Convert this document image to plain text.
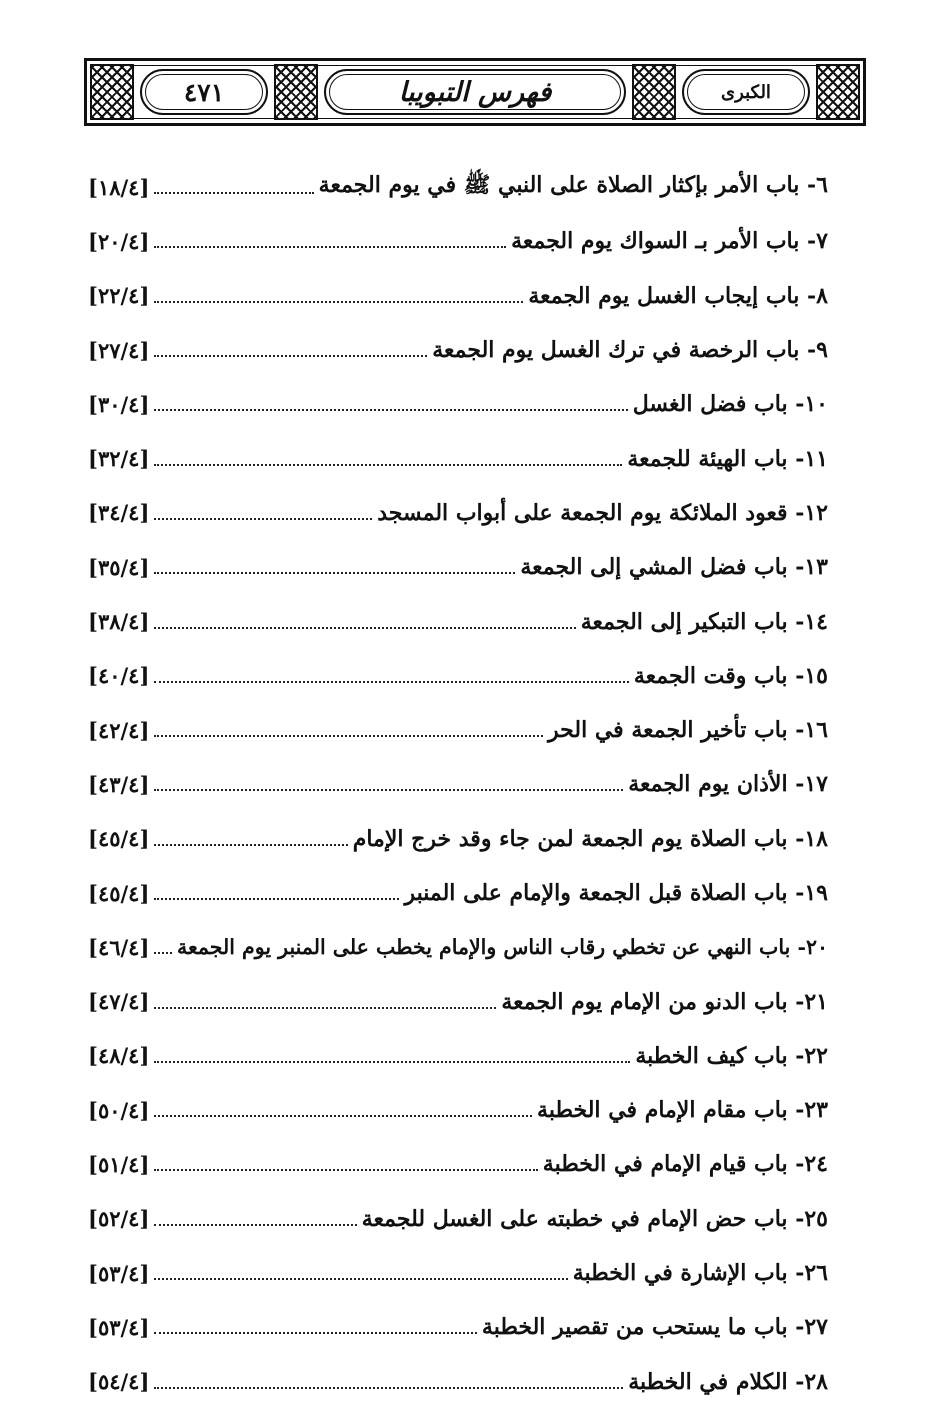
٤٧١	فهرس التبويبا	الكبرى
٦- باب الأمر بإكثار الصلاة على النبي ﷺ في يوم الجمعة
[١٨/٤]
٧- باب الأمر بـ السواك يوم الجمعة
[٢٠/٤]
٨- باب إيجاب الغسل يوم الجمعة
[٢٢/٤]
٩- باب الرخصة في ترك الغسل يوم الجمعة
[٢٧/٤]
١٠- باب فضل الغسل
[٣٠/٤]
١١- باب الهيئة للجمعة
[٣٢/٤]
١٢- قعود الملائكة يوم الجمعة على أبواب المسجد
[٣٤/٤]
١٣- باب فضل المشي إلى الجمعة
[٣٥/٤]
١٤- باب التبكير إلى الجمعة
[٣٨/٤]
١٥- باب وقت الجمعة
[٤٠/٤]
١٦- باب تأخير الجمعة في الحر
[٤٢/٤]
١٧- الأذان يوم الجمعة
[٤٣/٤]
١٨- باب الصلاة يوم الجمعة لمن جاء وقد خرج الإمام
[٤٥/٤]
١٩- باب الصلاة قبل الجمعة والإمام على المنبر
[٤٥/٤]
٢٠- باب النهي عن تخطي رقاب الناس والإمام يخطب على المنبر يوم الجمعة
[٤٦/٤]
٢١- باب الدنو من الإمام يوم الجمعة
[٤٧/٤]
٢٢- باب كيف الخطبة
[٤٨/٤]
٢٣- باب مقام الإمام في الخطبة
[٥٠/٤]
٢٤- باب قيام الإمام في الخطبة
[٥١/٤]
٢٥- باب حض الإمام في خطبته على الغسل للجمعة
[٥٢/٤]
٢٦- باب الإشارة في الخطبة
[٥٣/٤]
٢٧- باب ما يستحب من تقصير الخطبة
[٥٣/٤]
٢٨- الكلام في الخطبة
[٥٤/٤]
